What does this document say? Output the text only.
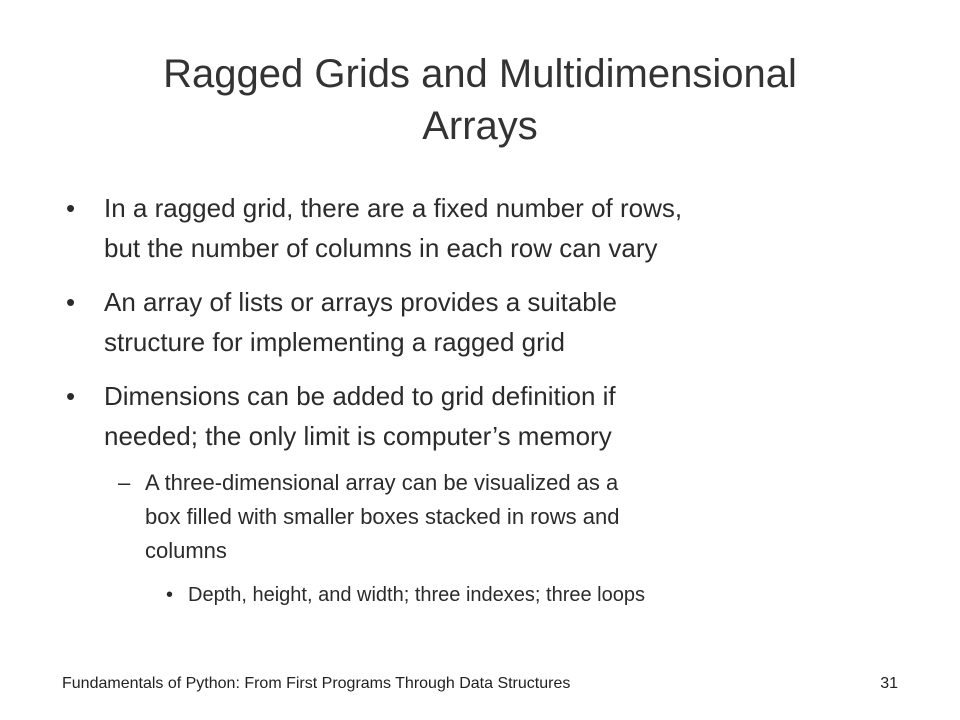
Ragged Grids and Multidimensional
Arrays
• In a ragged grid, there are a fixed number of rows,
but the number of columns in each row can vary
• An array of lists or arrays provides a suitable
structure for implementing a ragged grid
• Dimensions can be added to grid definition if
needed; the only limit is computer’s memory
– A three-dimensional array can be visualized as a
box filled with smaller boxes stacked in rows and
columns
• Depth, height, and width; three indexes; three loops
Fundamentals of Python: From First Programs Through Data Structures	31
